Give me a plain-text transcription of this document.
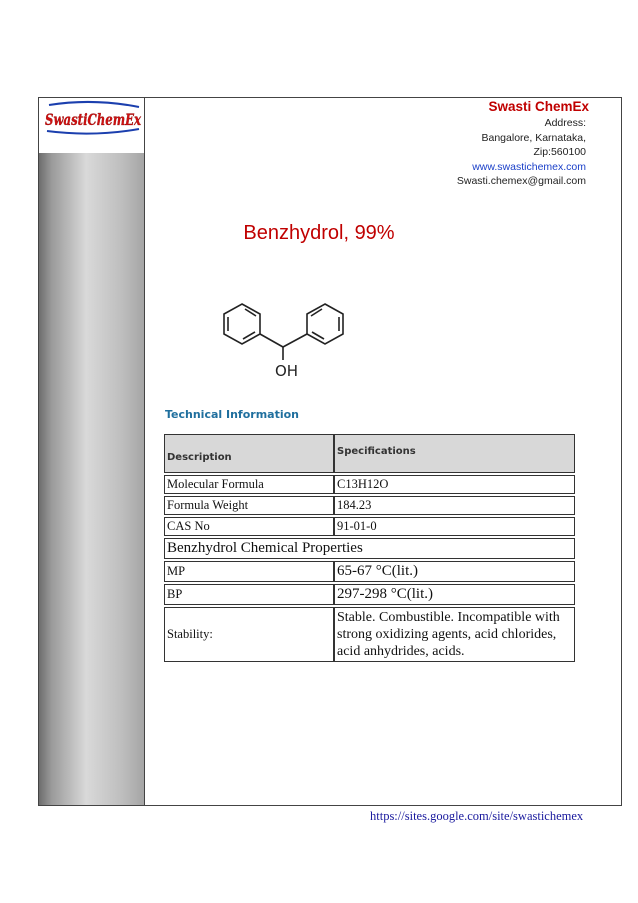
SwastiChemEx
Swasti ChemEx
Address:
Bangalore, Karnataka,
Zip:560100
www.swastichemex.com
Swasti.chemex@gmail.com
Benzhydrol, 99%
OH
Technical Information
Description	Specifications
Molecular Formula	C13H12O
Formula Weight	184.23
CAS No	91-01-0
Benzhydrol Chemical Properties	
MP	65-67 °C(lit.)
BP	297-298 °C(lit.)
Stability:	Stable. Combustible. Incompatible with strong oxidizing agents, acid chlorides, acid anhydrides, acids.
https://sites.google.com/site/swastichemex
